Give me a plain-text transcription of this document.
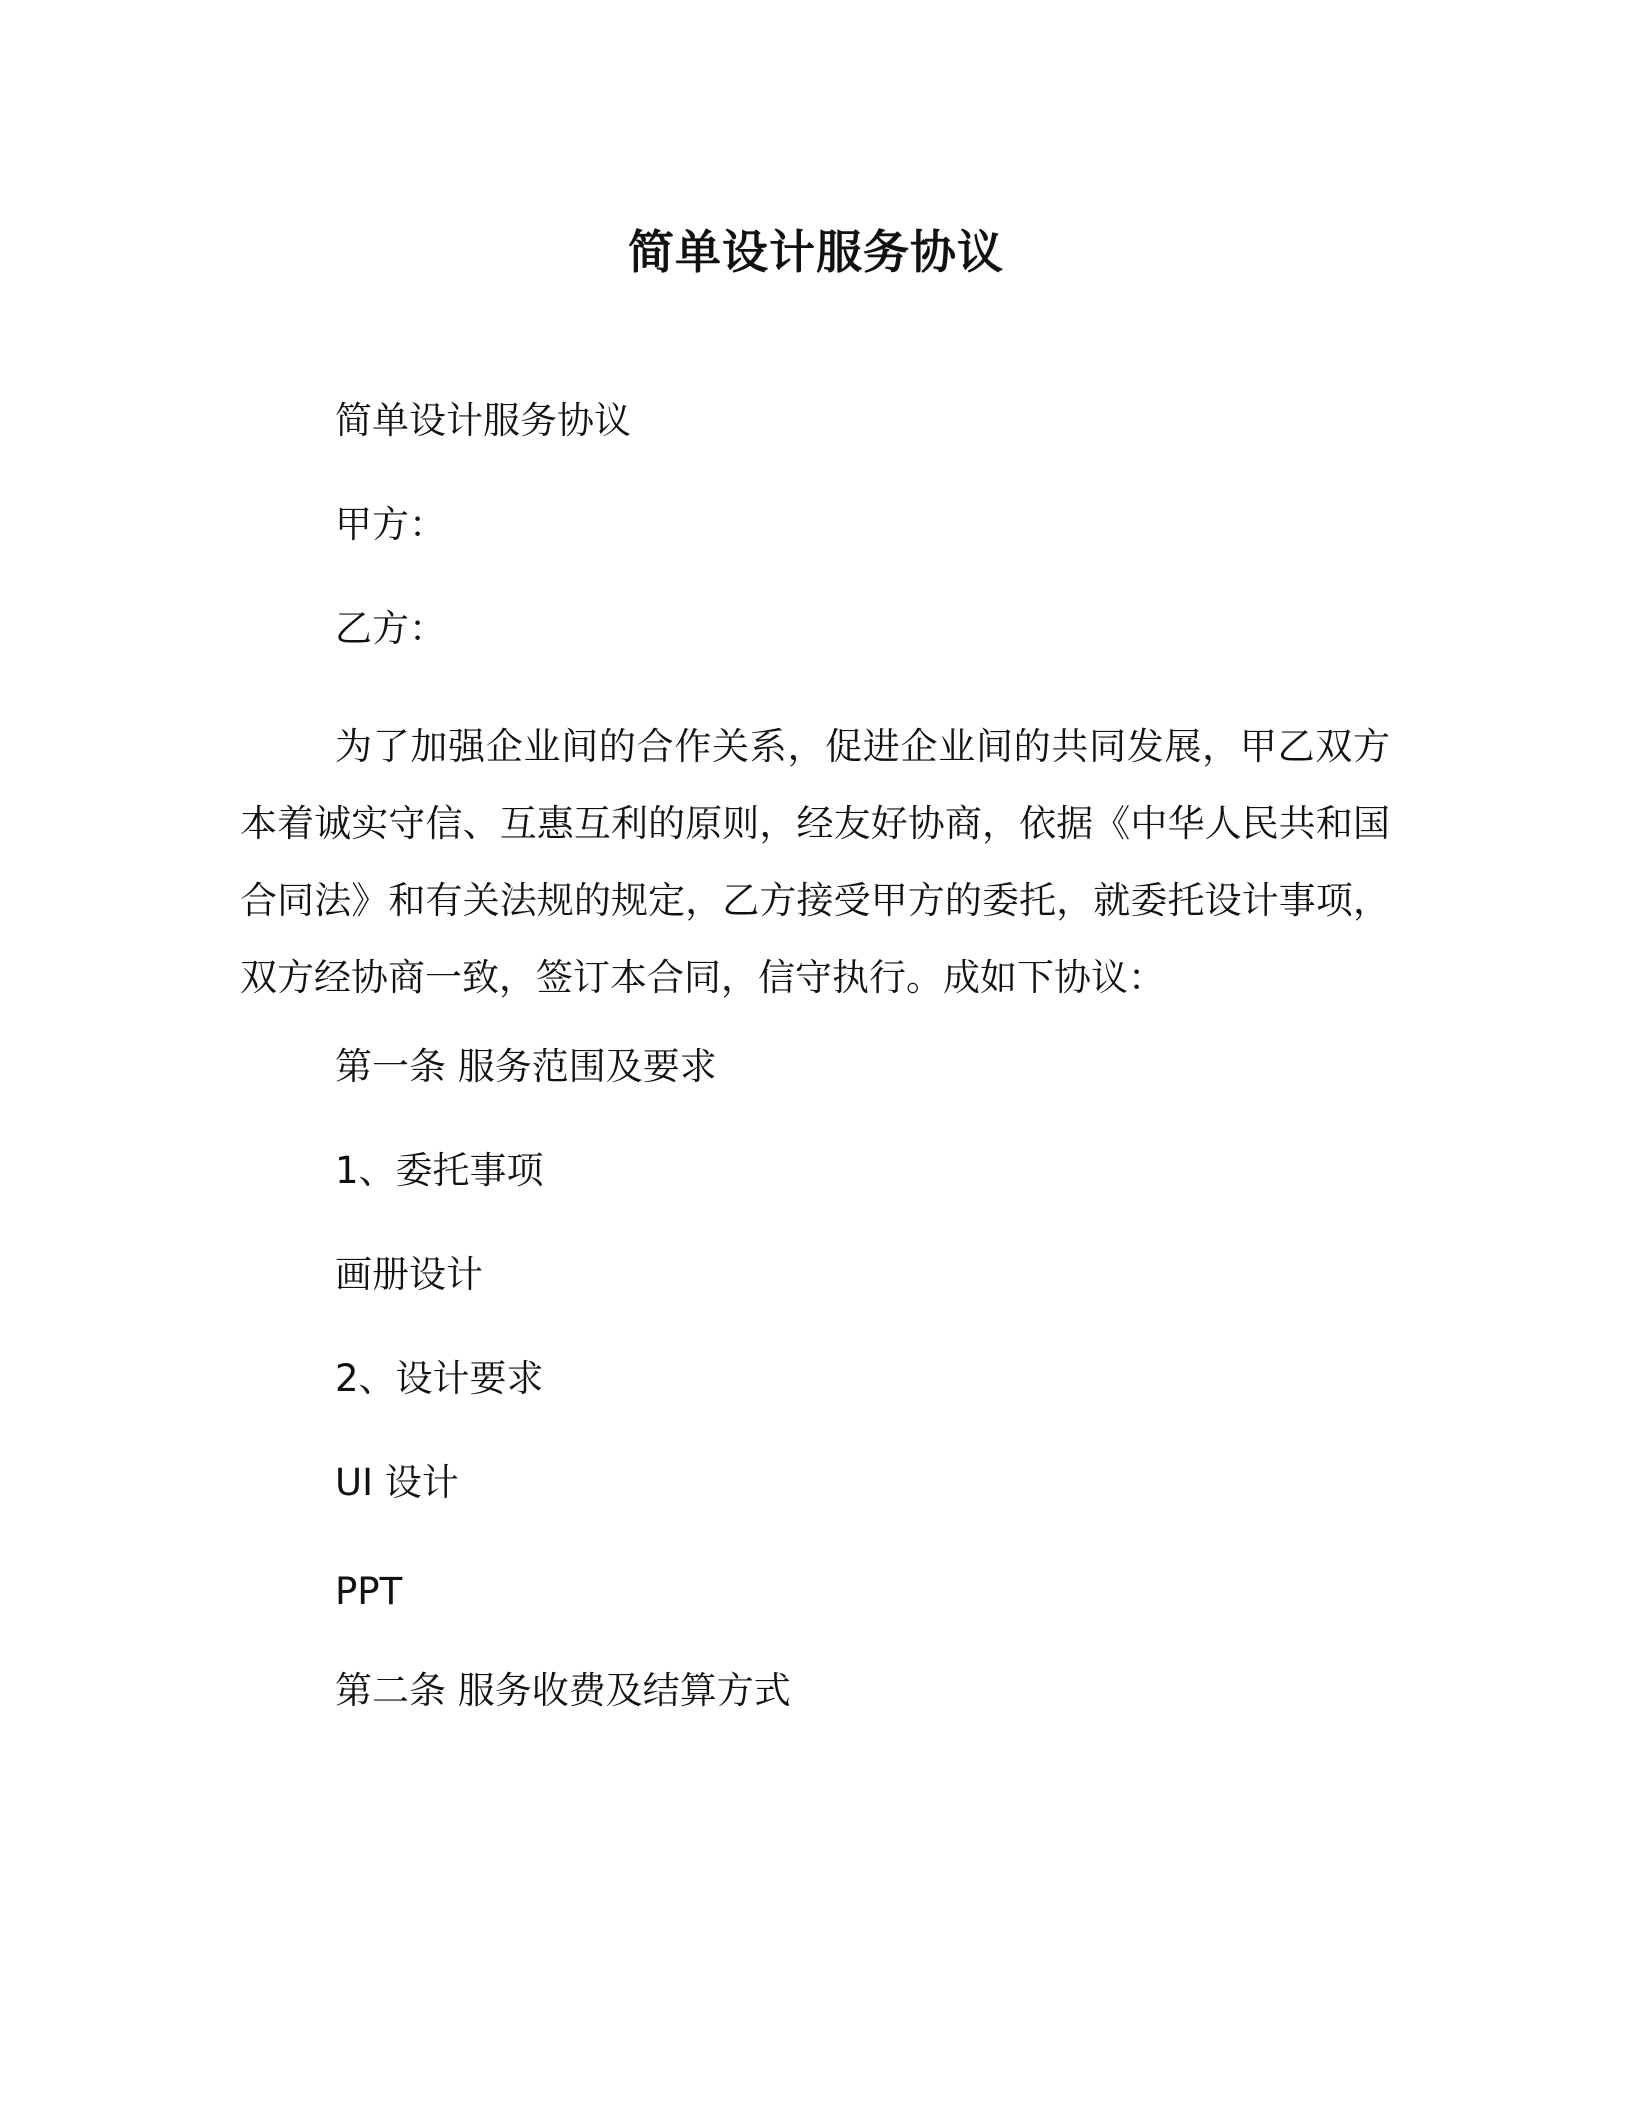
简单设计服务协议
简单设计服务协议
甲方：
乙方：
为了加强企业间的合作关系，促进企业间的共同发展，甲乙双方本着诚实守信、互惠互利的原则，经友好协商，依据《中华人民共和国合同法》和有关法规的规定，乙方接受甲方的委托，就委托设计事项，双方经协商一致，签订本合同，信守执行。成如下协议：
第一条 服务范围及要求
1、委托事项
画册设计
2、设计要求
UI 设计
PPT
第二条 服务收费及结算方式
